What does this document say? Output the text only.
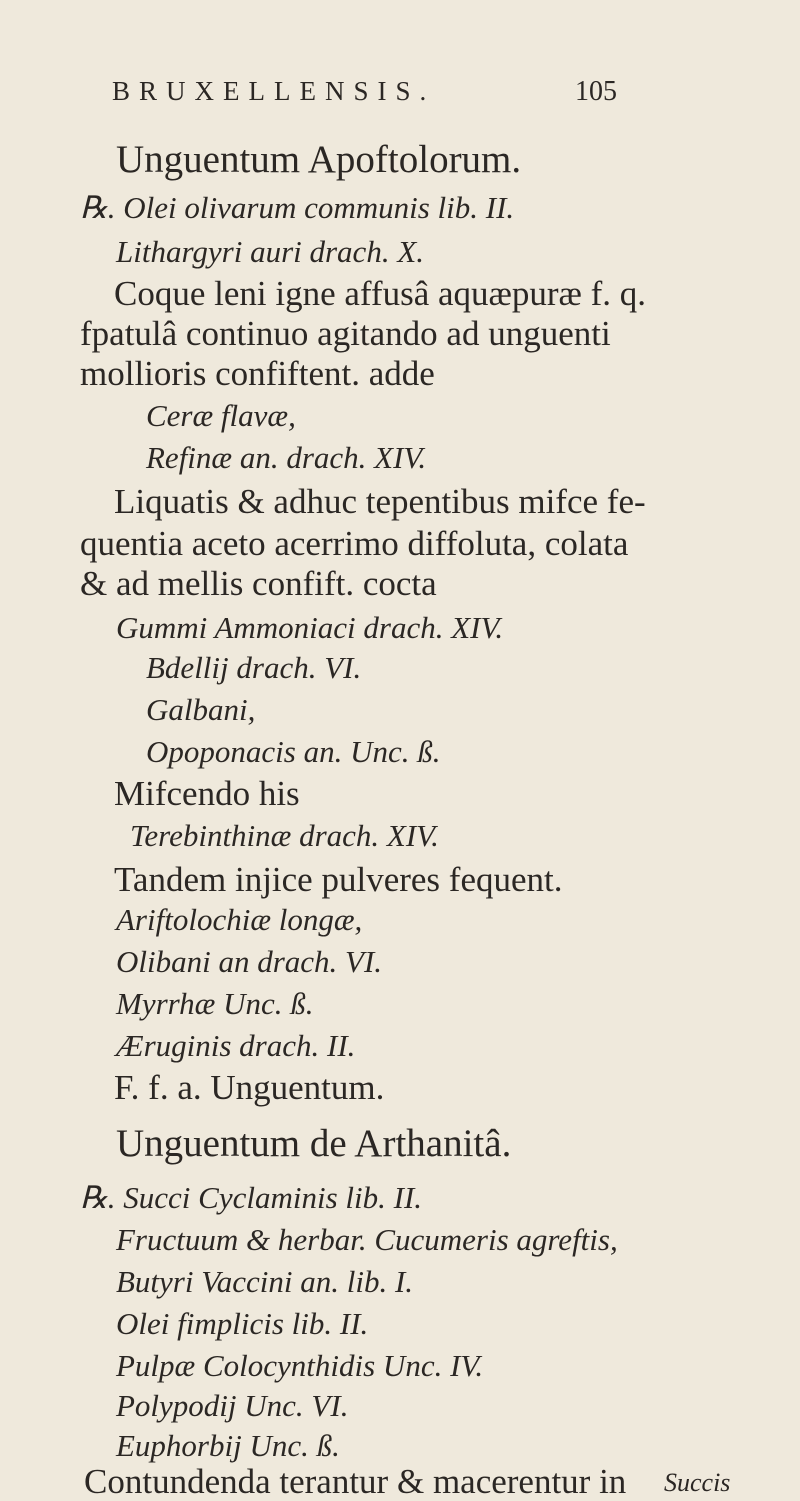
BRUXELLENSIS.	105
Unguentum Apoftolorum.
℞. Olei olivarum communis lib. II.
Lithargyri auri drach. X.
Coque leni igne affusâ aquæpuræ f. q.
fpatulâ continuo agitando ad unguenti
mollioris confiftent. adde
Ceræ flavæ,
Refinæ an. drach. XIV.
Liquatis & adhuc tepentibus mifce fe-
quentia aceto acerrimo diffoluta, colata
& ad mellis confift. cocta
Gummi Ammoniaci drach. XIV.
Bdellij drach. VI.
Galbani,
Opoponacis an. Unc. ß.
Mifcendo his
Terebinthinæ drach. XIV.
Tandem injice pulveres fequent.
Ariftolochiæ longæ,
Olibani an drach. VI.
Myrrhæ Unc. ß.
Æruginis drach. II.
F. f. a. Unguentum.
Unguentum de Arthanitâ.
℞. Succi Cyclaminis lib. II.
Fructuum & herbar. Cucumeris agreftis,
Butyri Vaccini an. lib. I.
Olei fimplicis lib. II.
Pulpæ Colocynthidis Unc. IV.
Polypodij Unc. VI.
Euphorbij Unc. ß.
Contundenda terantur & macerentur in Succis
